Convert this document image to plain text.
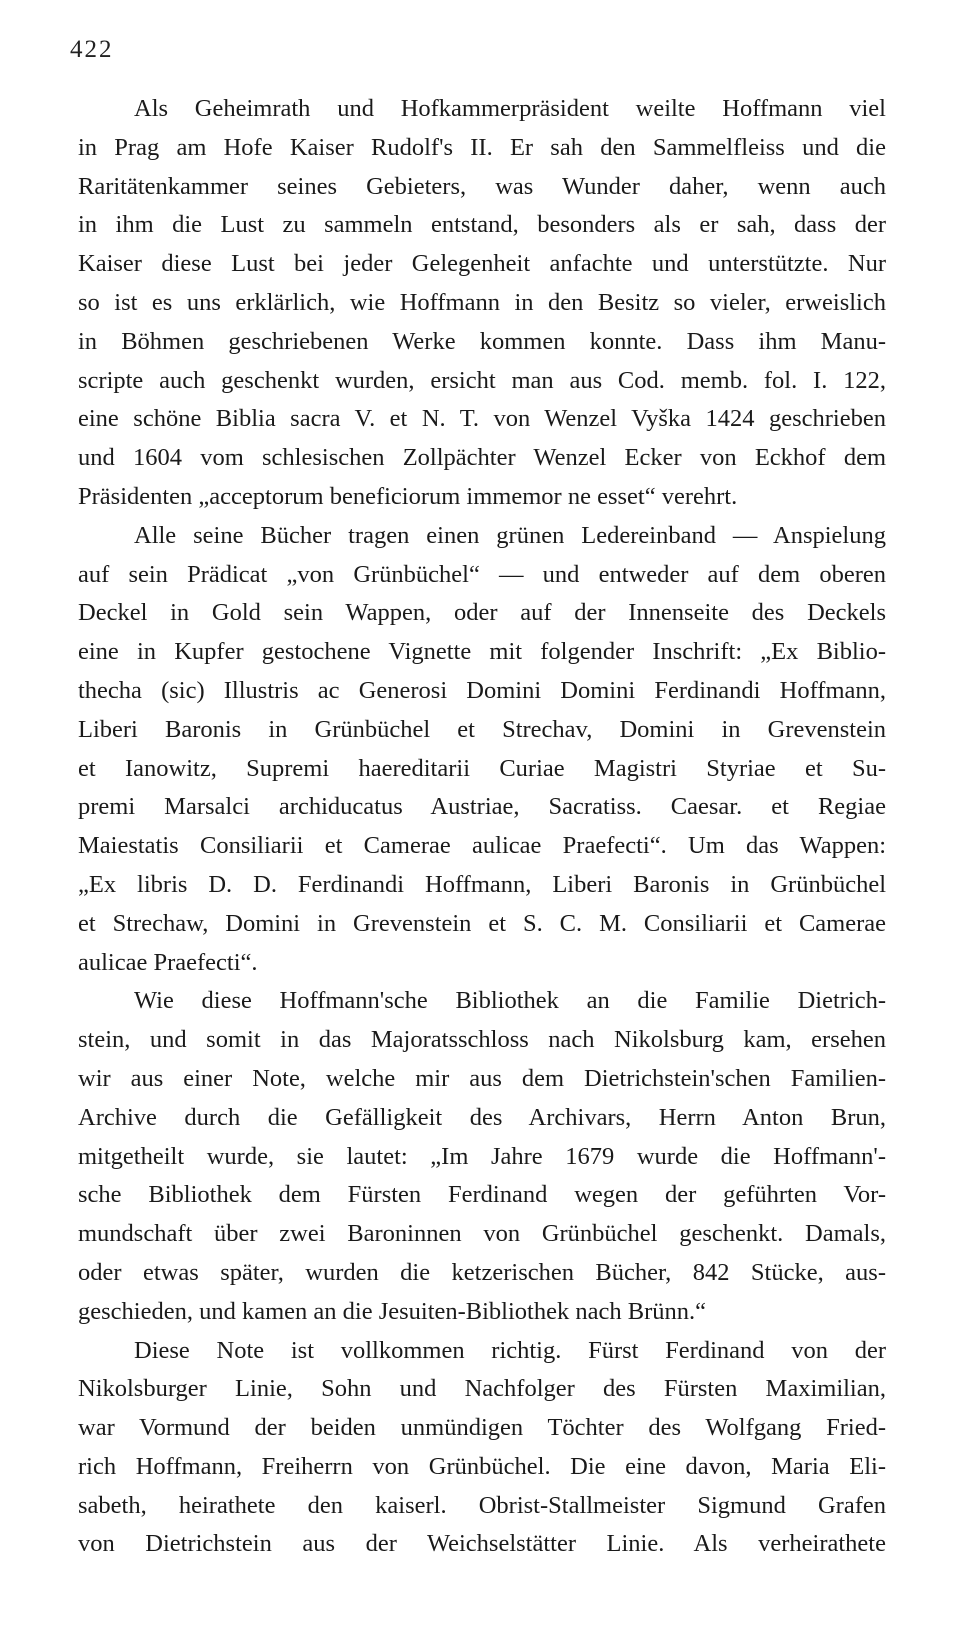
422
Als Geheimrath und Hofkammerpräsident weilte Hoffmann viel
in Prag am Hofe Kaiser Rudolf's II. Er sah den Sammelfleiss und die
Raritätenkammer seines Gebieters, was Wunder daher, wenn auch
in ihm die Lust zu sammeln entstand, besonders als er sah, dass der
Kaiser diese Lust bei jeder Gelegenheit anfachte und unterstützte. Nur
so ist es uns erklärlich, wie Hoffmann in den Besitz so vieler, erweislich
in Böhmen geschriebenen Werke kommen konnte. Dass ihm Manu-
scripte auch geschenkt wurden, ersicht man aus Cod. memb. fol. I. 122,
eine schöne Biblia sacra V. et N. T. von Wenzel Vyška 1424 geschrieben
und 1604 vom schlesischen Zollpächter Wenzel Ecker von Eckhof dem
Präsidenten „acceptorum beneficiorum immemor ne esset“ verehrt.
Alle seine Bücher tragen einen grünen Ledereinband — Anspielung
auf sein Prädicat „von Grünbüchel“ — und entweder auf dem oberen
Deckel in Gold sein Wappen, oder auf der Innenseite des Deckels
eine in Kupfer gestochene Vignette mit folgender Inschrift: „Ex Biblio-
thecha (sic) Illustris ac Generosi Domini Domini Ferdinandi Hoffmann,
Liberi Baronis in Grünbüchel et Strechav, Domini in Grevenstein
et Ianowitz, Supremi haereditarii Curiae Magistri Styriae et Su-
premi Marsalci archiducatus Austriae, Sacratiss. Caesar. et Regiae
Maiestatis Consiliarii et Camerae aulicae Praefecti“. Um das Wappen:
„Ex libris D. D. Ferdinandi Hoffmann, Liberi Baronis in Grünbüchel
et Strechaw, Domini in Grevenstein et S. C. M. Consiliarii et Camerae
aulicae Praefecti“.
Wie diese Hoffmann'sche Bibliothek an die Familie Dietrich-
stein, und somit in das Majoratsschloss nach Nikolsburg kam, ersehen
wir aus einer Note, welche mir aus dem Dietrichstein'schen Familien-
Archive durch die Gefälligkeit des Archivars, Herrn Anton Brun,
mitgetheilt wurde, sie lautet: „Im Jahre 1679 wurde die Hoffmann'-
sche Bibliothek dem Fürsten Ferdinand wegen der geführten Vor-
mundschaft über zwei Baroninnen von Grünbüchel geschenkt. Damals,
oder etwas später, wurden die ketzerischen Bücher, 842 Stücke, aus-
geschieden, und kamen an die Jesuiten-Bibliothek nach Brünn.“
Diese Note ist vollkommen richtig. Fürst Ferdinand von der
Nikolsburger Linie, Sohn und Nachfolger des Fürsten Maximilian,
war Vormund der beiden unmündigen Töchter des Wolfgang Fried-
rich Hoffmann, Freiherrn von Grünbüchel. Die eine davon, Maria Eli-
sabeth, heirathete den kaiserl. Obrist-Stallmeister Sigmund Grafen
von Dietrichstein aus der Weichselstätter Linie. Als verheirathete
